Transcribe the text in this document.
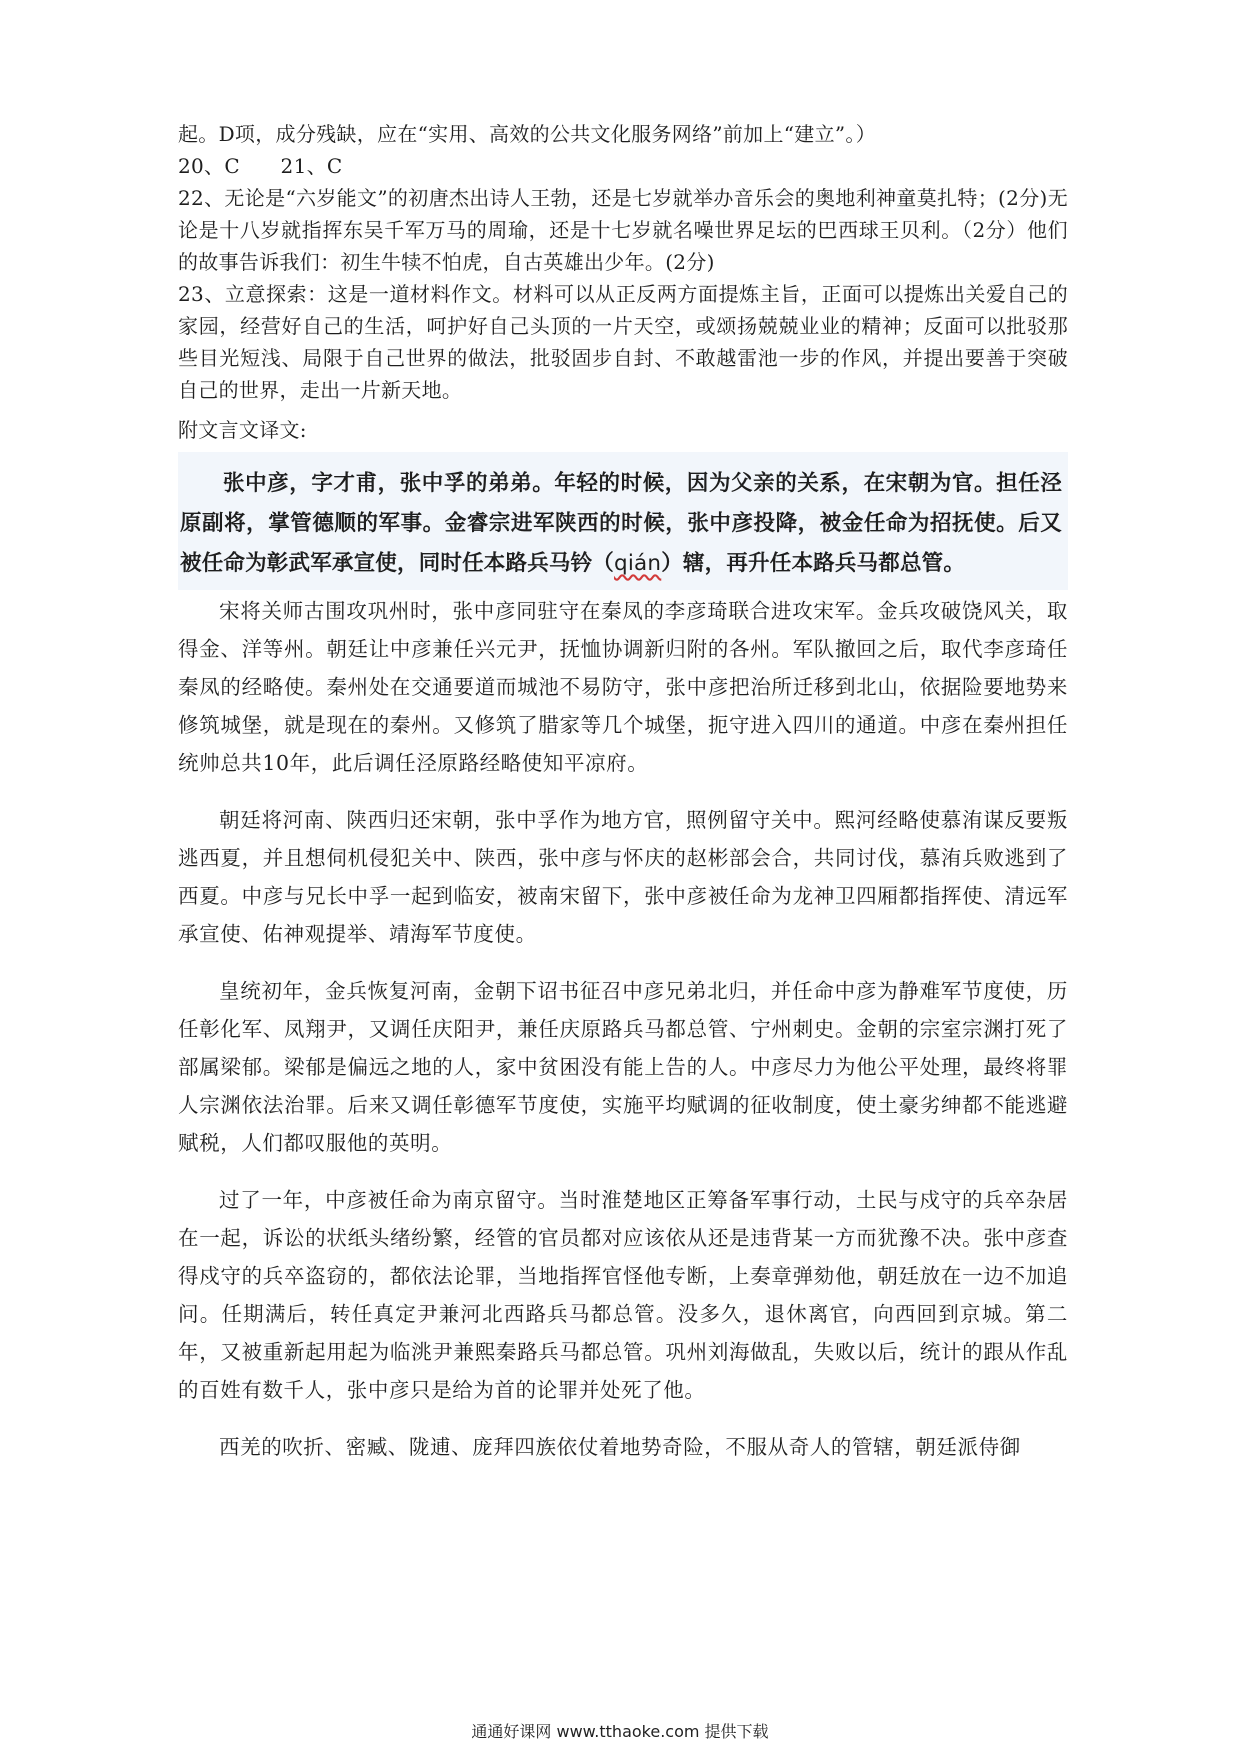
起。D项，成分残缺，应在“实用、高效的公共文化服务网络”前加上“建立”。）

20、C　　21、C

22、无论是“六岁能文”的初唐杰出诗人王勃，还是七岁就举办音乐会的奥地利神童莫扎特；(2分)无论是十八岁就指挥东吴千军万马的周瑜，还是十七岁就名噪世界足坛的巴西球王贝利。（2分）他们的故事告诉我们：初生牛犊不怕虎，自古英雄出少年。(2分)

23、立意探索：这是一道材料作文。材料可以从正反两方面提炼主旨，正面可以提炼出关爱自己的家园，经营好自己的生活，呵护好自己头顶的一片天空，或颂扬兢兢业业的精神；反面可以批驳那些目光短浅、局限于自己世界的做法，批驳固步自封、不敢越雷池一步的作风，并提出要善于突破自己的世界，走出一片新天地。

附文言文译文:

张中彦，字才甫，张中孚的弟弟。年轻的时候，因为父亲的关系，在宋朝为官。担任泾原副将，掌管德顺的军事。金睿宗进军陕西的时候，张中彦投降，被金任命为招抚使。后又被任命为彰武军承宣使，同时任本路兵马钤（qián）辖，再升任本路兵马都总管。

宋将关师古围攻巩州时，张中彦同驻守在秦凤的李彦琦联合进攻宋军。金兵攻破饶风关，取得金、洋等州。朝廷让中彦兼任兴元尹，抚恤协调新归附的各州。军队撤回之后，取代李彦琦任秦凤的经略使。秦州处在交通要道而城池不易防守，张中彦把治所迁移到北山，依据险要地势来修筑城堡，就是现在的秦州。又修筑了腊家等几个城堡，扼守进入四川的通道。中彦在秦州担任统帅总共10年，此后调任泾原路经略使知平凉府。

朝廷将河南、陕西归还宋朝，张中孚作为地方官，照例留守关中。熙河经略使慕洧谋反要叛逃西夏，并且想伺机侵犯关中、陕西，张中彦与怀庆的赵彬部会合，共同讨伐，慕洧兵败逃到了西夏。中彦与兄长中孚一起到临安，被南宋留下，张中彦被任命为龙神卫四厢都指挥使、清远军承宣使、佑神观提举、靖海军节度使。

皇统初年，金兵恢复河南，金朝下诏书征召中彦兄弟北归，并任命中彦为静难军节度使，历任彰化军、凤翔尹，又调任庆阳尹，兼任庆原路兵马都总管、宁州刺史。金朝的宗室宗渊打死了部属梁郁。梁郁是偏远之地的人，家中贫困没有能上告的人。中彦尽力为他公平处理，最终将罪人宗渊依法治罪。后来又调任彰德军节度使，实施平均赋调的征收制度，使土豪劣绅都不能逃避赋税，人们都叹服他的英明。

过了一年，中彦被任命为南京留守。当时淮楚地区正筹备军事行动，土民与戍守的兵卒杂居在一起，诉讼的状纸头绪纷繁，经管的官员都对应该依从还是违背某一方而犹豫不决。张中彦查得戍守的兵卒盗窃的，都依法论罪，当地指挥官怪他专断，上奏章弹劾他，朝廷放在一边不加追问。任期满后，转任真定尹兼河北西路兵马都总管。没多久，退休离官，向西回到京城。第二年，又被重新起用起为临洮尹兼熙秦路兵马都总管。巩州刘海做乱，失败以后，统计的跟从作乱的百姓有数千人，张中彦只是给为首的论罪并处死了他。

西羌的吹折、密臧、陇逋、庞拜四族依仗着地势奇险，不服从奇人的管辖，朝廷派侍御

通通好课网 www.tthaoke.com 提供下载
